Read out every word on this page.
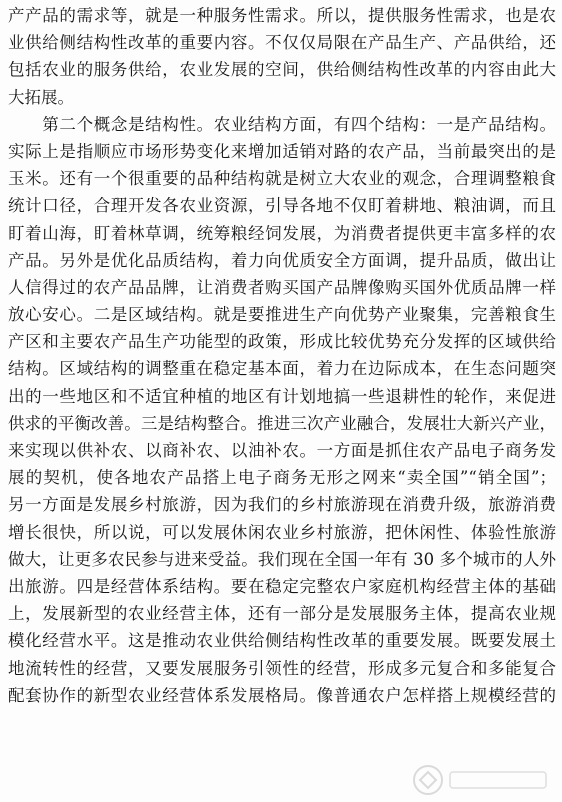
产产品的需求等，就是一种服务性需求。所以，提供服务性需求，也是农
业供给侧结构性改革的重要内容。不仅仅局限在产品生产、产品供给，还
包括农业的服务供给，农业发展的空间，供给侧结构性改革的内容由此大
大拓展。
　　第二个概念是结构性。农业结构方面，有四个结构：一是产品结构。
实际上是指顺应市场形势变化来增加适销对路的农产品，当前最突出的是
玉米。还有一个很重要的品种结构就是树立大农业的观念，合理调整粮食
统计口径，合理开发各农业资源，引导各地不仅盯着耕地、粮油调，而且
盯着山海，盯着林草调，统筹粮经饲发展，为消费者提供更丰富多样的农
产品。另外是优化品质结构，着力向优质安全方面调，提升品质，做出让
人信得过的农产品品牌，让消费者购买国产品牌像购买国外优质品牌一样
放心安心。二是区域结构。就是要推进生产向优势产业聚集，完善粮食生
产区和主要农产品生产功能型的政策，形成比较优势充分发挥的区域供给
结构。区域结构的调整重在稳定基本面，着力在边际成本，在生态问题突
出的一些地区和不适宜种植的地区有计划地搞一些退耕性的轮作，来促进
供求的平衡改善。三是结构整合。推进三次产业融合，发展壮大新兴产业，
来实现以供补农、以商补农、以油补农。一方面是抓住农产品电子商务发
展的契机，使各地农产品搭上电子商务无形之网来“卖全国”“销全国”；
另一方面是发展乡村旅游，因为我们的乡村旅游现在消费升级，旅游消费
增长很快，所以说，可以发展休闲农业乡村旅游，把休闲性、体验性旅游
做大，让更多农民参与进来受益。我们现在全国一年有 30 多个城市的人外
出旅游。四是经营体系结构。要在稳定完整农户家庭机构经营主体的基础
上，发展新型的农业经营主体，还有一部分是发展服务主体，提高农业规
模化经营水平。这是推动农业供给侧结构性改革的重要发展。既要发展土
地流转性的经营，又要发展服务引领性的经营，形成多元复合和多能复合
配套协作的新型农业经营体系发展格局。像普通农户怎样搭上规模经营的
